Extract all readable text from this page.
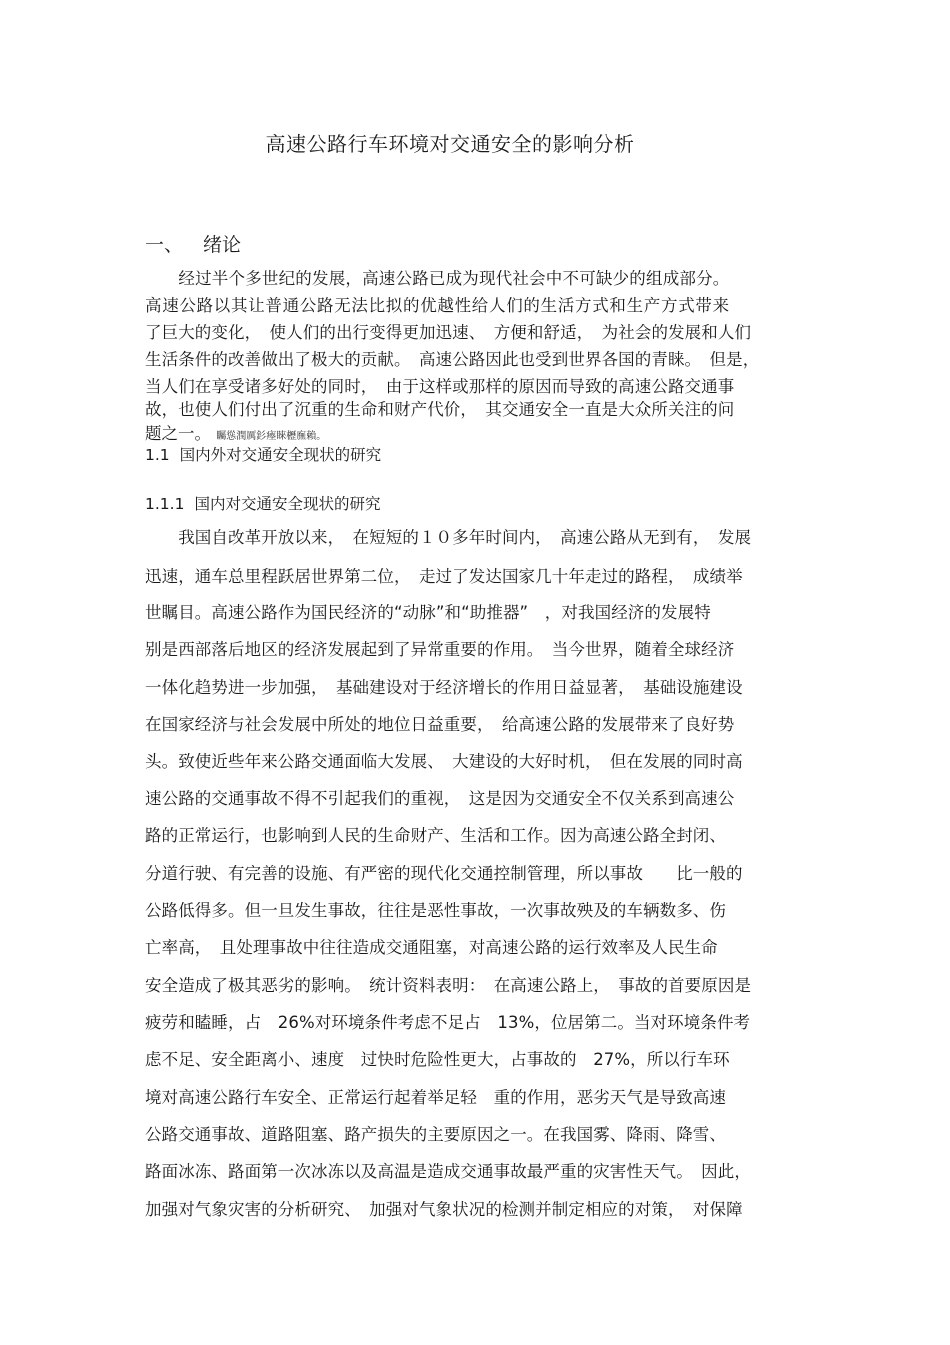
高速公路行车环境对交通安全的影响分析
一、 绪论
　　经过半个多世纪的发展，高速公路已成为现代社会中不可缺少的组成部分。
高速公路以其让普通公路无法比拟的优越性给人们的生活方式和生产方式带来
了巨大的变化，　使人们的出行变得更加迅速、　方便和舒适，　为社会的发展和人们
生活条件的改善做出了极大的贡献。　高速公路因此也受到世界各国的青睐。　但是，
当人们在享受诸多好处的同时，　由于这样或那样的原因而导致的高速公路交通事
故，也使人们付出了沉重的生命和财产代价，　其交通安全一直是大众所关注的问
题之一。 矚慫潤厲釤瘞睞櫪廡賴。
1.1 国内外对交通安全现状的研究
1.1.1 国内对交通安全现状的研究
　　我国自改革开放以来，　在短短的１０多年时间内，　高速公路从无到有，　发展
迅速，通车总里程跃居世界第二位，　走过了发达国家几十年走过的路程，　成绩举
世瞩目。高速公路作为国民经济的“动脉”和“助推器”　，对我国经济的发展特
别是西部落后地区的经济发展起到了异常重要的作用。　当今世界，随着全球经济
一体化趋势进一步加强，　基础建设对于经济增长的作用日益显著，　基础设施建设
在国家经济与社会发展中所处的地位日益重要，　给高速公路的发展带来了良好势
头。致使近些年来公路交通面临大发展、　大建设的大好时机，　但在发展的同时高
速公路的交通事故不得不引起我们的重视，　这是因为交通安全不仅关系到高速公
路的正常运行，也影响到人民的生命财产、生活和工作。因为高速公路全封闭、
分道行驶、有完善的设施、有严密的现代化交通控制管理，所以事故　　比一般的
公路低得多。但一旦发生事故，往往是恶性事故，一次事故殃及的车辆数多、伤
亡率高，　且处理事故中往往造成交通阻塞，对高速公路的运行效率及人民生命
安全造成了极其恶劣的影响。　统计资料表明：　在高速公路上，　事故的首要原因是
疲劳和瞌睡，占　26%对环境条件考虑不足占　13%，位居第二。当对环境条件考
虑不足、安全距离小、速度　过快时危险性更大，占事故的　27%，所以行车环
境对高速公路行车安全、正常运行起着举足轻　重的作用，恶劣天气是导致高速
公路交通事故、道路阻塞、路产损失的主要原因之一。在我国雾、降雨、降雪、
路面冰冻、路面第一次冰冻以及高温是造成交通事故最严重的灾害性天气。　因此，
加强对气象灾害的分析研究、　加强对气象状况的检测并制定相应的对策，　对保障
